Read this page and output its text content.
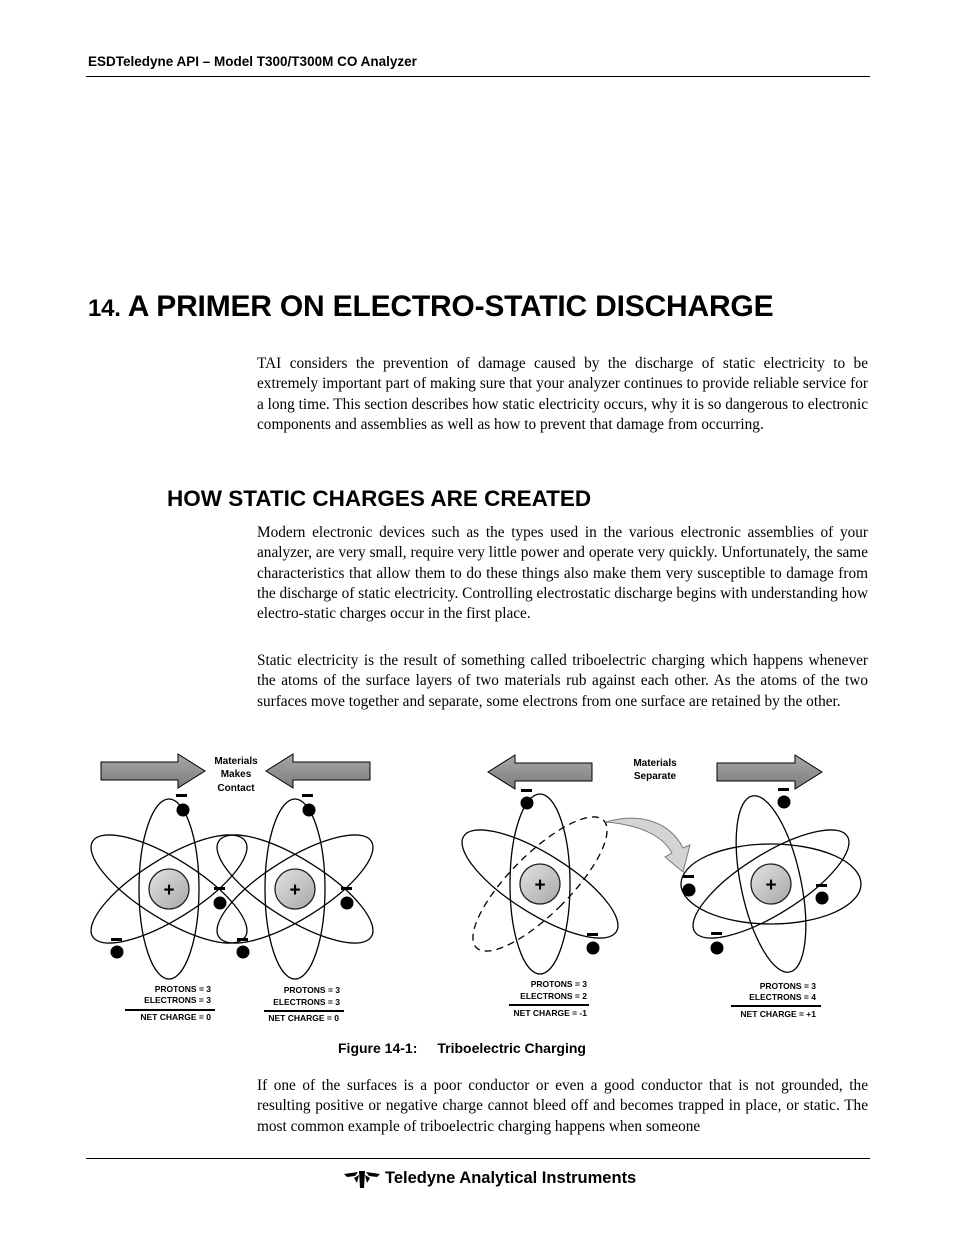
ESDTeledyne API – Model T300/T300M CO Analyzer
14. A PRIMER ON ELECTRO-STATIC DISCHARGE

TAI considers the prevention of damage caused by the discharge of static electricity to be extremely important part of making sure that your analyzer continues to provide reliable service for a long time. This section describes how static electricity occurs, why it is so dangerous to electronic components and assemblies as well as how to prevent that damage from occurring.

HOW STATIC CHARGES ARE CREATED

Modern electronic devices such as the types used in the various electronic assemblies of your analyzer, are very small, require very little power and operate very quickly. Unfortunately, the same characteristics that allow them to do these things also make them very susceptible to damage from the discharge of static electricity. Controlling electrostatic discharge begins with understanding how electro-static charges occur in the first place.

Static electricity is the result of something called triboelectric charging which happens whenever the atoms of the surface layers of two materials rub against each other. As the atoms of the two surfaces move together and separate, some electrons from one surface are retained by the other.

Materials
Makes
Contact
Materials
Separate
+	+	+	+
PROTONS = 3
ELECTRONS = 3
PROTONS = 3
ELECTRONS = 3
PROTONS = 3
ELECTRONS = 2
PROTONS = 3
ELECTRONS = 4
NET CHARGE = 0	NET CHARGE = 0	NET CHARGE = -1	NET CHARGE = +1
Figure 14-1: Triboelectric Charging

If one of the surfaces is a poor conductor or even a good conductor that is not grounded, the resulting positive or negative charge cannot bleed off and becomes trapped in place, or static. The most common example of triboelectric charging happens when someone

Teledyne Analytical Instruments
